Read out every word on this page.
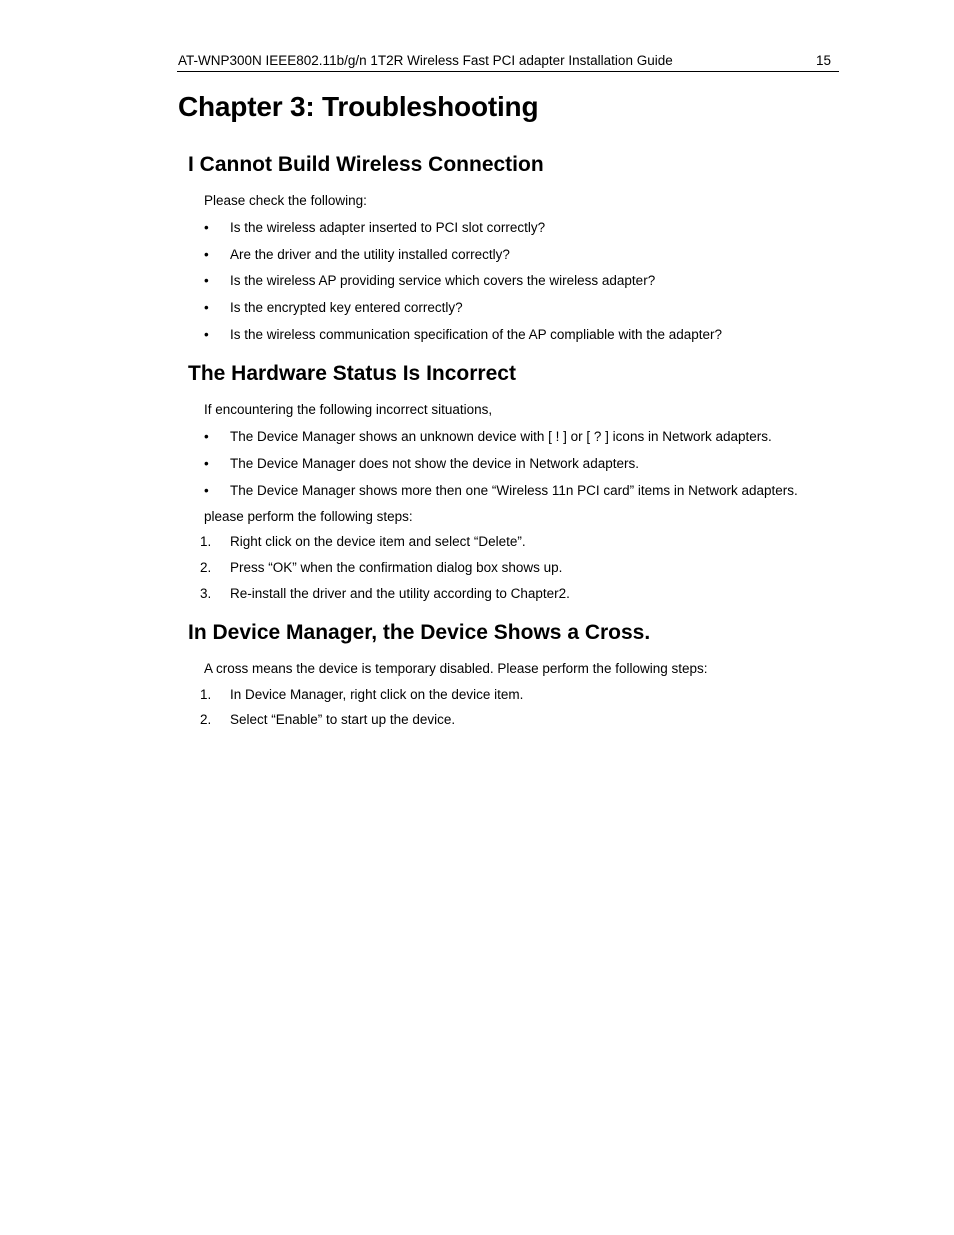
AT-WNP300N IEEE802.11b/g/n 1T2R Wireless Fast PCI adapter Installation Guide	15
Chapter 3: Troubleshooting
I Cannot Build Wireless Connection

Please check the following:

•	Is the wireless adapter inserted to PCI slot correctly?
•	Are the driver and the utility installed correctly?
•	Is the wireless AP providing service which covers the wireless adapter?
•	Is the encrypted key entered correctly?
•	Is the wireless communication specification of the AP compliable with the adapter?
The Hardware Status Is Incorrect

If encountering the following incorrect situations,

•	The Device Manager shows an unknown device with [ ! ] or [ ? ] icons in Network adapters.
•	The Device Manager does not show the device in Network adapters.
•	The Device Manager shows more then one “Wireless 11n PCI card” items in Network adapters.

please perform the following steps:

1.	Right click on the device item and select “Delete”.
2.	Press “OK” when the confirmation dialog box shows up.
3.	Re-install the driver and the utility according to Chapter2.
In Device Manager, the Device Shows a Cross.

A cross means the device is temporary disabled. Please perform the following steps:

1.	In Device Manager, right click on the device item.
2.	Select “Enable” to start up the device.
